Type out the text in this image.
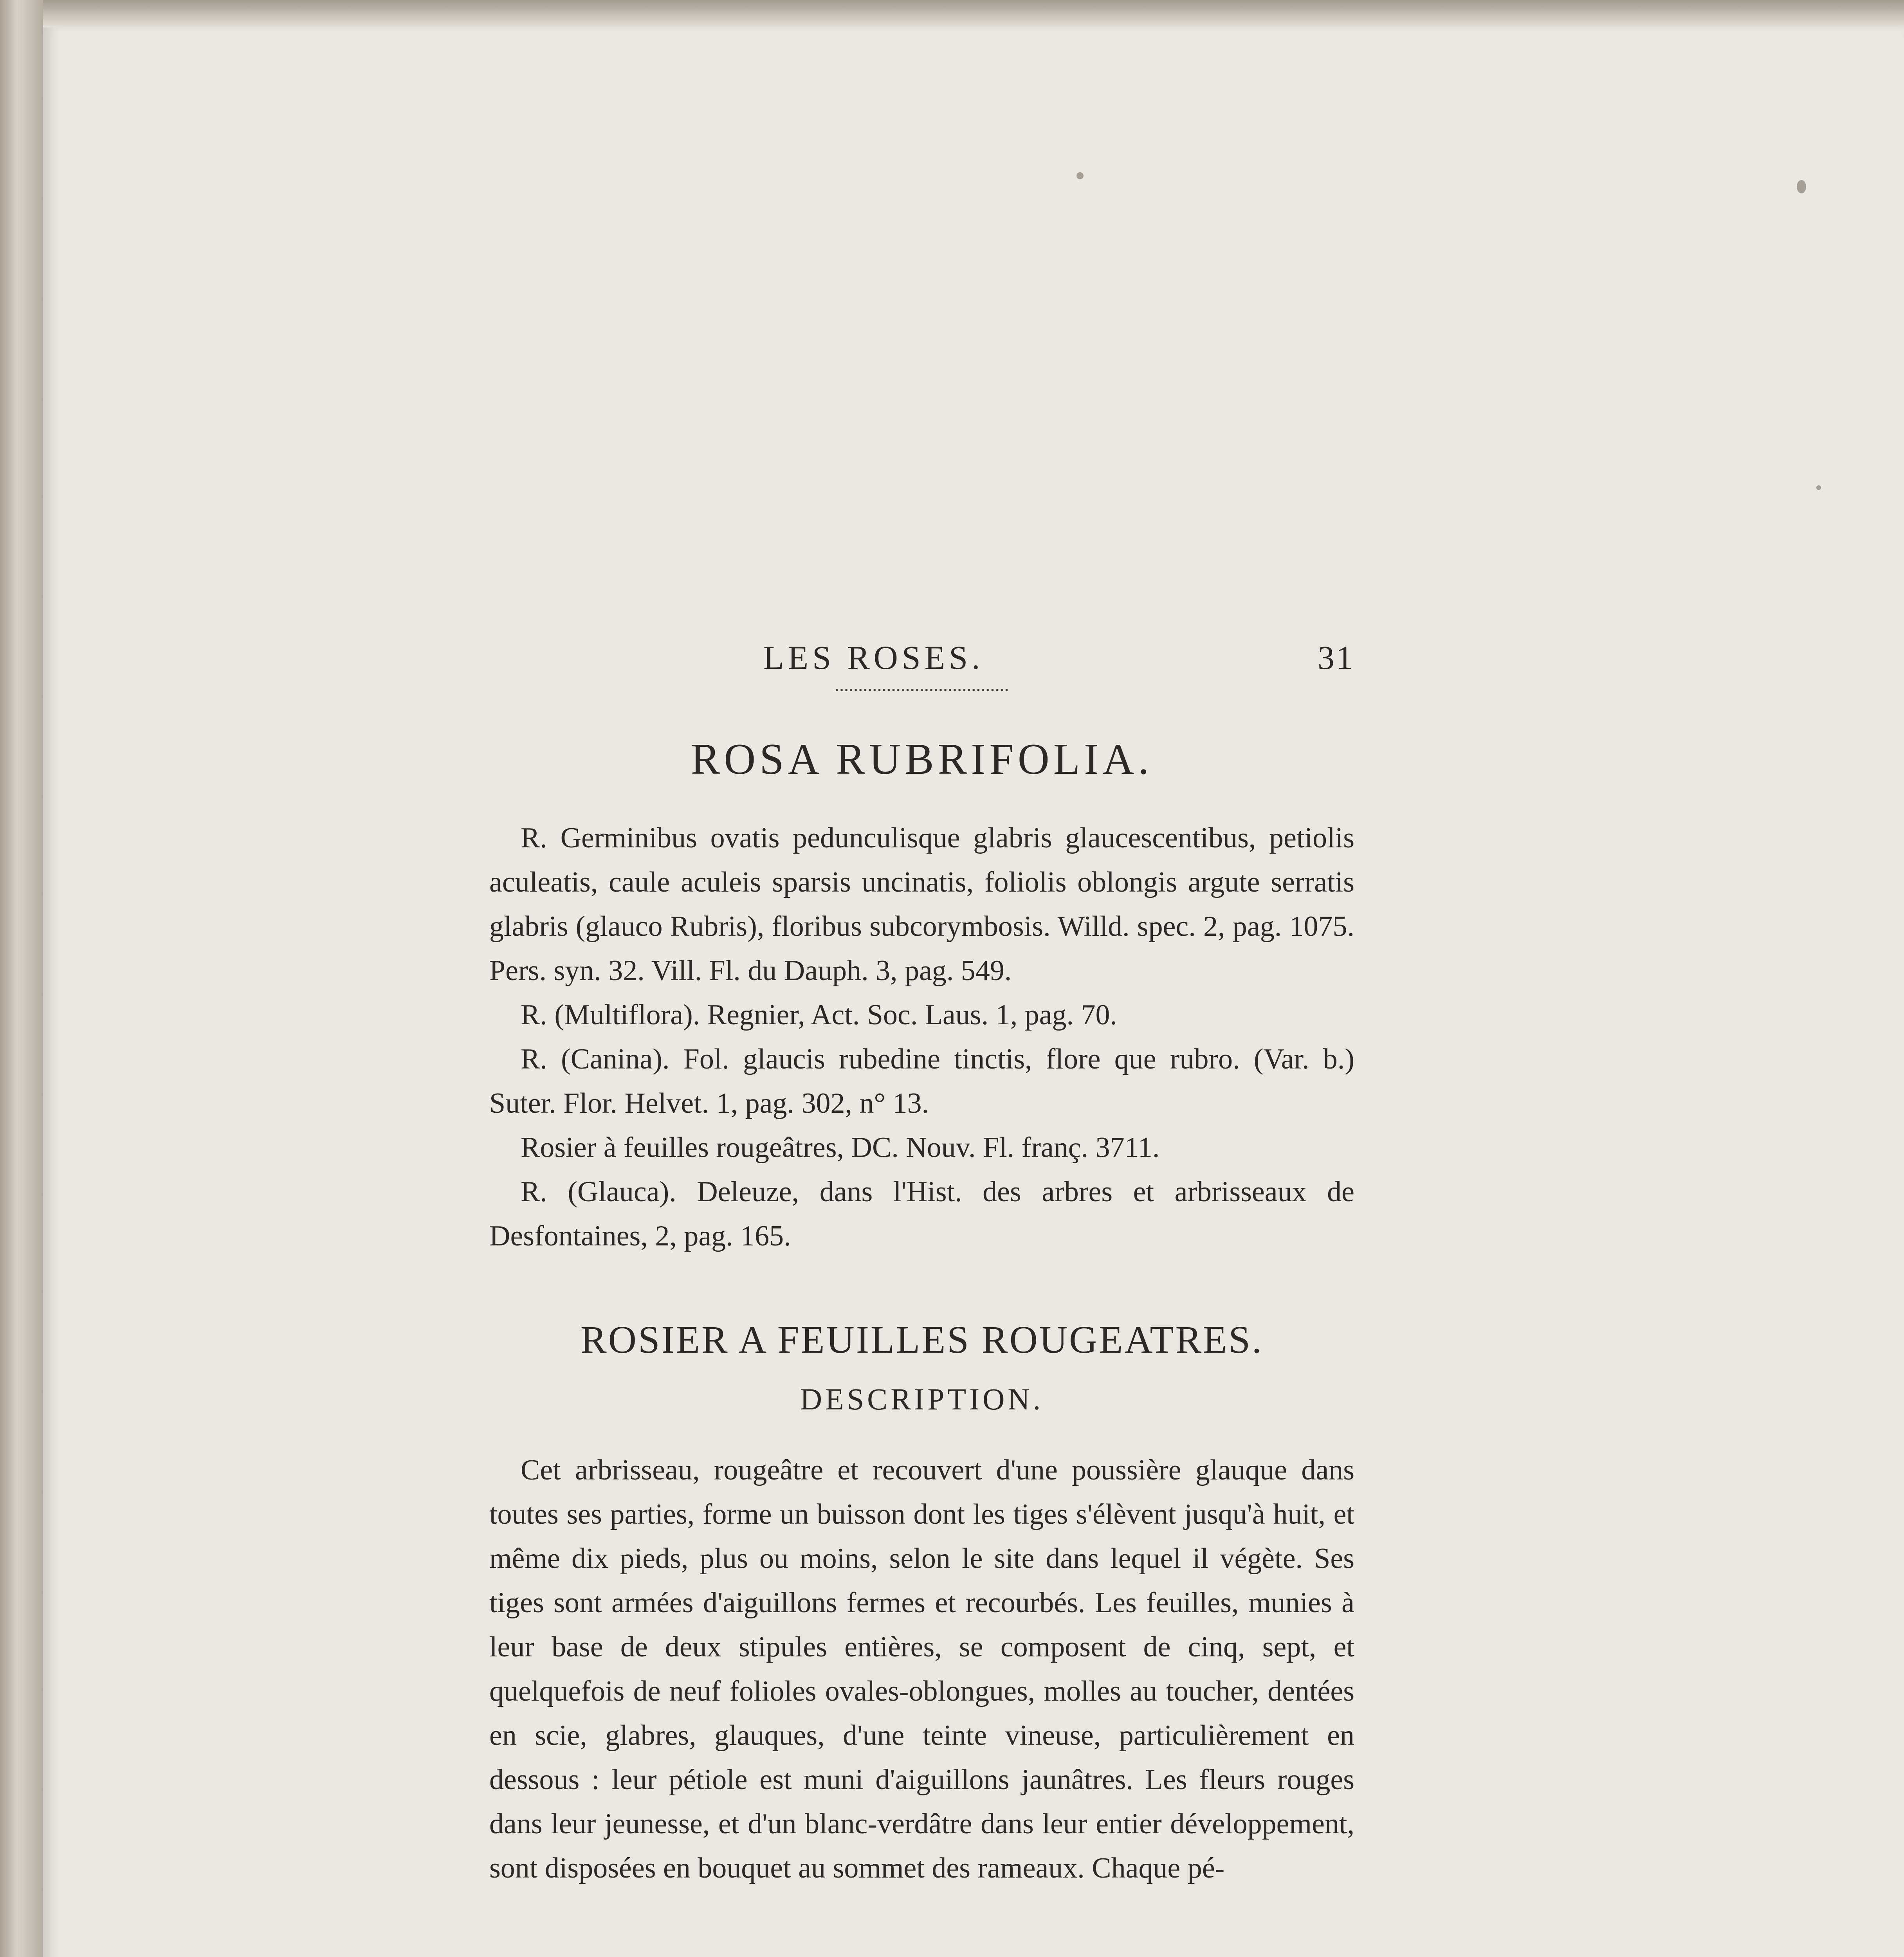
LES ROSES.	31
ROSA RUBRIFOLIA.

R. Germinibus ovatis pedunculisque glabris glaucescentibus, petiolis aculeatis, caule aculeis sparsis uncinatis, foliolis oblongis argute serratis glabris (glauco Rubris), floribus subcorymbosis. Willd. spec. 2, pag. 1075. Pers. syn. 32. Vill. Fl. du Dauph. 3, pag. 549.

R. (Multiflora). Regnier, Act. Soc. Laus. 1, pag. 70.

R. (Canina). Fol. glaucis rubedine tinctis, flore que rubro. (Var. b.) Suter. Flor. Helvet. 1, pag. 302, n° 13.

Rosier à feuilles rougeâtres, DC. Nouv. Fl. franç. 3711.

R. (Glauca). Deleuze, dans l'Hist. des arbres et arbrisseaux de Desfontaines, 2, pag. 165.

ROSIER A FEUILLES ROUGEATRES.
DESCRIPTION.
Cet arbrisseau, rougeâtre et recouvert d'une poussière glauque dans toutes ses parties, forme un buisson dont les tiges s'élèvent jusqu'à huit, et même dix pieds, plus ou moins, selon le site dans lequel il végète. Ses tiges sont armées d'aiguillons fermes et recourbés. Les feuilles, munies à leur base de deux stipules entières, se composent de cinq, sept, et quelquefois de neuf folioles ovales-oblongues, molles au toucher, dentées en scie, glabres, glauques, d'une teinte vineuse, particulièrement en dessous : leur pétiole est muni d'aiguillons jaunâtres. Les fleurs rouges dans leur jeunesse, et d'un blanc-verdâtre dans leur entier développement, sont disposées en bouquet au sommet des rameaux. Chaque pé-
